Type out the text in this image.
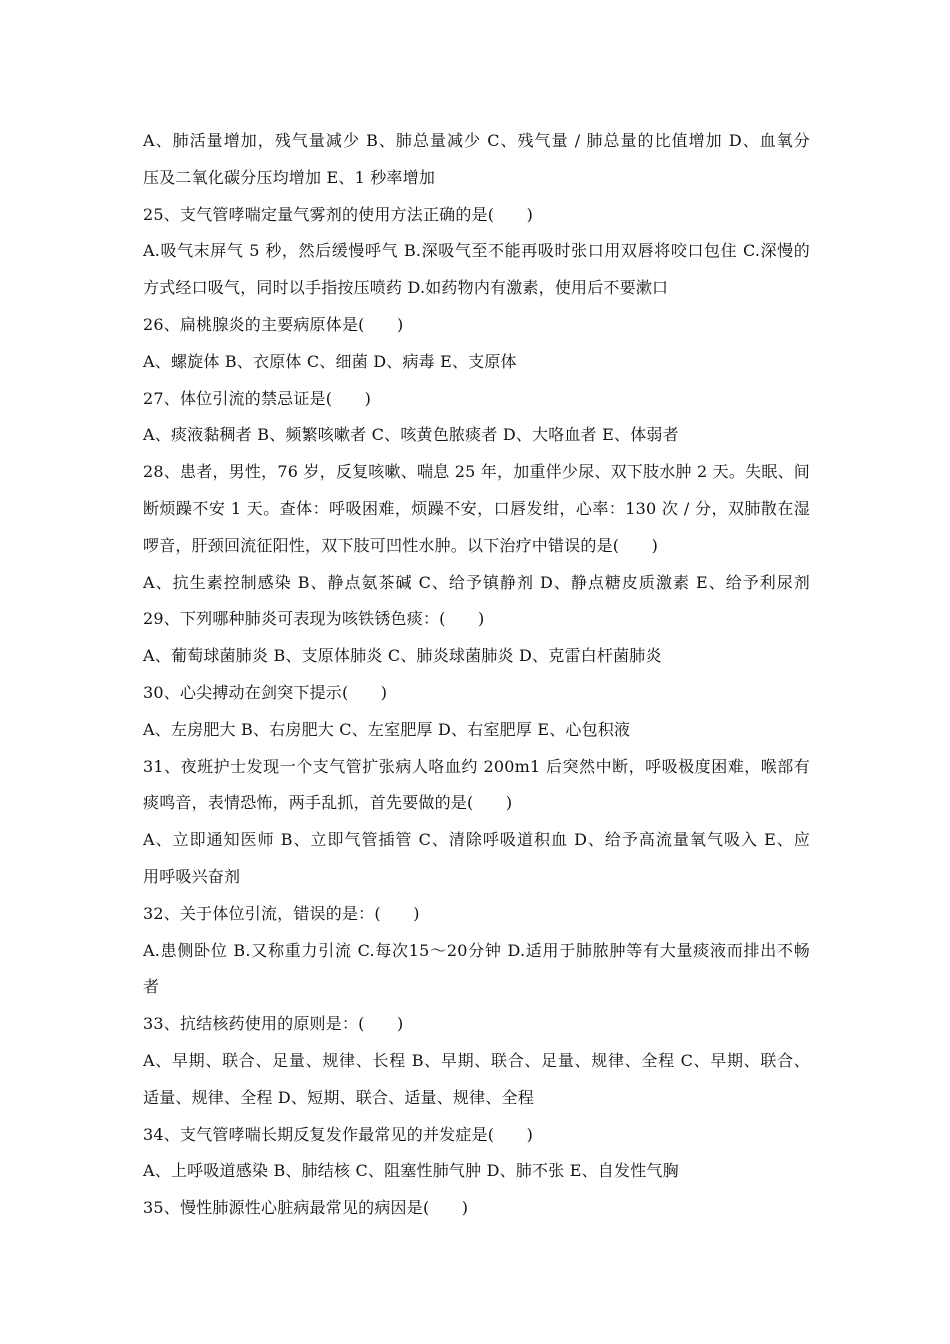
A、肺活量增加，残气量减少 B、肺总量减少 C、残气量 / 肺总量的比值增加 D、血氧分
压及二氧化碳分压均增加 E、1 秒率增加
25、支气管哮喘定量气雾剂的使用方法正确的是(　　)
A.吸气末屏气 5 秒，然后缓慢呼气 B.深吸气至不能再吸时张口用双唇将咬口包住 C.深慢的
方式经口吸气，同时以手指按压喷药 D.如药物内有激素，使用后不要漱口
26、扁桃腺炎的主要病原体是(　　)
A、螺旋体 B、衣原体 C、细菌 D、病毒 E、支原体
27、体位引流的禁忌证是(　　)
A、痰液黏稠者 B、频繁咳嗽者 C、咳黄色脓痰者 D、大咯血者 E、体弱者
28、患者，男性，76 岁，反复咳嗽、喘息 25 年，加重伴少尿、双下肢水肿 2 天。失眠、间
断烦躁不安 1 天。查体：呼吸困难，烦躁不安，口唇发绀，心率：130 次 / 分，双肺散在湿
啰音，肝颈回流征阳性，双下肢可凹性水肿。以下治疗中错误的是(　　)
A、抗生素控制感染 B、静点氨茶碱 C、给予镇静剂 D、静点糖皮质激素 E、给予利尿剂
29、下列哪种肺炎可表现为咳铁锈色痰：(　　)
A、葡萄球菌肺炎 B、支原体肺炎 C、肺炎球菌肺炎 D、克雷白杆菌肺炎
30、心尖搏动在剑突下提示(　　)
A、左房肥大 B、右房肥大 C、左室肥厚 D、右室肥厚 E、心包积液
31、夜班护士发现一个支气管扩张病人咯血约 200m1 后突然中断，呼吸极度困难，喉部有
痰鸣音，表情恐怖，两手乱抓，首先要做的是(　　)
A、立即通知医师 B、立即气管插管 C、清除呼吸道积血 D、给予高流量氧气吸入 E、应
用呼吸兴奋剂
32、关于体位引流，错误的是：(　　)
A.患侧卧位 B.又称重力引流 C.每次15～20分钟 D.适用于肺脓肿等有大量痰液而排出不畅
者
33、抗结核药使用的原则是：(　　)
A、早期、联合、足量、规律、长程 B、早期、联合、足量、规律、全程 C、早期、联合、
适量、规律、全程 D、短期、联合、适量、规律、全程
34、支气管哮喘长期反复发作最常见的并发症是(　　)
A、上呼吸道感染 B、肺结核 C、阻塞性肺气肿 D、肺不张 E、自发性气胸
35、慢性肺源性心脏病最常见的病因是(　　)
